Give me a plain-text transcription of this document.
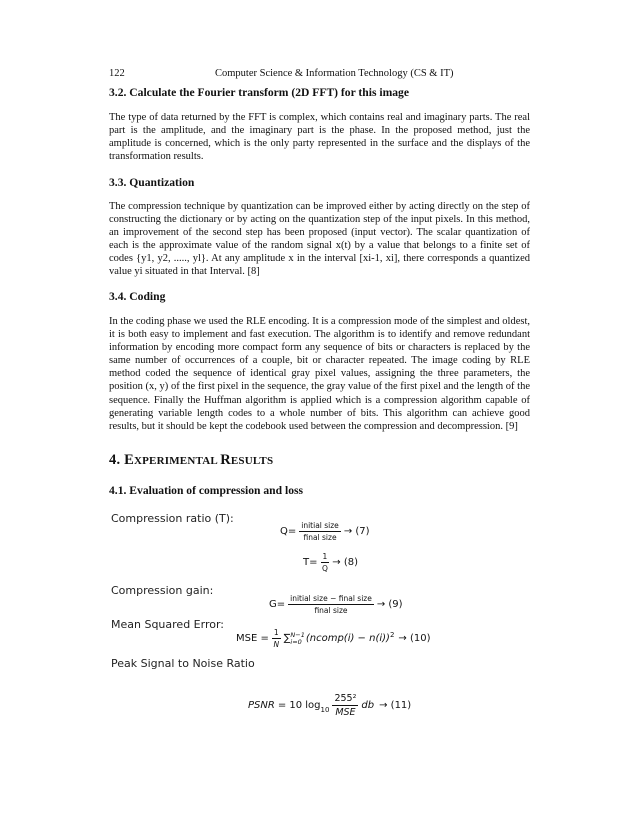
122	Computer Science & Information Technology (CS & IT)
3.2. Calculate the Fourier transform (2D FFT) for this image
The type of data returned by the FFT is complex, which contains real and imaginary parts. The real part is the amplitude, and the imaginary part is the phase. In the proposed method, just the amplitude is concerned, which is the only party represented in the surface and the displays of the transformation results.
3.3. Quantization
The compression technique by quantization can be improved either by acting directly on the step of constructing the dictionary or by acting on the quantization step of the input pixels. In this method, an improvement of the second step has been proposed (input vector). The scalar quantization of each is the approximate value of the random signal x(t) by a value that belongs to a finite set of codes {y1, y2, ....., yl}. At any amplitude x in the interval [xi-1, xi], there corresponds a quantized value yi situated in that Interval. [8]
3.4. Coding
In the coding phase we used the RLE encoding. It is a compression mode of the simplest and oldest, it is both easy to implement and fast execution. The algorithm is to identify and remove redundant information by encoding more compact form any sequence of bits or characters is replaced by the same number of occurrences of a couple, bit or character repeated. The image coding by RLE method coded the sequence of identical gray pixel values, assigning the three parameters, the position (x, y) of the first pixel in the sequence, the gray value of the first pixel and the length of the sequence. Finally the Huffman algorithm is applied which is a compression algorithm capable of generating variable length codes to a whole number of bits. This algorithm can achieve good results, but it should be kept the codebook used between the compression and decompression. [9]
4. EXPERIMENTAL RESULTS
4.1. Evaluation of compression and loss
Compression ratio (T):
$Q= \frac{\text{initial size}}{\text{final size}} \to (7)$
$T= \frac{1}{Q} \to (8)$
Compression gain:
$G= \frac{\text{initial size − final size}}{\text{final size}} \to (9)$
Mean Squared Error:
MSE = $\frac{1}{N}$ ∑ N−1
i=0 (ncomp(i) − n(i))$^2$ → (10)
Peak Signal to Noise Ratio
PSNR = 10 $\log_{10} \frac{\text{255²}}{\text{MSE}}$ db → (11)
